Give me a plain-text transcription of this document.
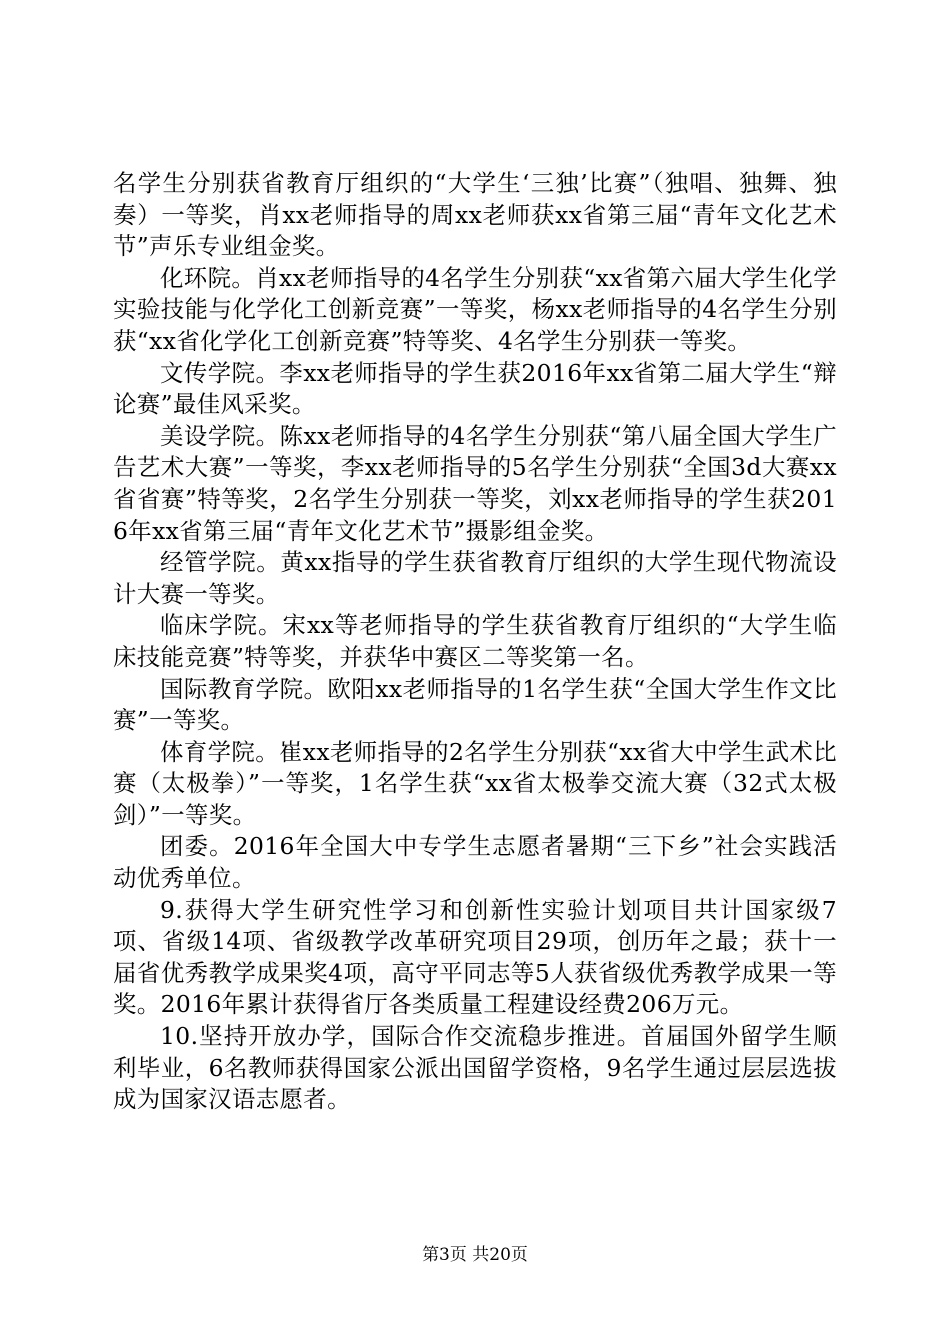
名学生分别获省教育厅组织的“大学生‘三独’比赛”（独唱、独舞、独奏）一等奖，肖xx老师指导的周xx老师获xx省第三届“青年文化艺术节”声乐专业组金奖。

化环院。肖xx老师指导的4名学生分别获“xx省第六届大学生化学实验技能与化学化工创新竞赛”一等奖，杨xx老师指导的4名学生分别获“xx省化学化工创新竞赛”特等奖、4名学生分别获一等奖。

文传学院。李xx老师指导的学生获2016年xx省第二届大学生“辩论赛”最佳风采奖。

美设学院。陈xx老师指导的4名学生分别获“第八届全国大学生广告艺术大赛”一等奖，李xx老师指导的5名学生分别获“全国3d大赛xx省省赛”特等奖，2名学生分别获一等奖，刘xx老师指导的学生获2016年xx省第三届“青年文化艺术节”摄影组金奖。

经管学院。黄xx指导的学生获省教育厅组织的大学生现代物流设计大赛一等奖。

临床学院。宋xx等老师指导的学生获省教育厅组织的“大学生临床技能竞赛”特等奖，并获华中赛区二等奖第一名。

国际教育学院。欧阳xx老师指导的1名学生获“全国大学生作文比赛”一等奖。

体育学院。崔xx老师指导的2名学生分别获“xx省大中学生武术比赛（太极拳）”一等奖，1名学生获“xx省太极拳交流大赛（32式太极剑）”一等奖。

团委。2016年全国大中专学生志愿者暑期“三下乡”社会实践活动优秀单位。

9.获得大学生研究性学习和创新性实验计划项目共计国家级7项、省级14项、省级教学改革研究项目29项，创历年之最；获十一届省优秀教学成果奖4项，高守平同志等5人获省级优秀教学成果一等奖。2016年累计获得省厅各类质量工程建设经费206万元。

10.坚持开放办学，国际合作交流稳步推进。首届国外留学生顺利毕业，6名教师获得国家公派出国留学资格，9名学生通过层层选拔成为国家汉语志愿者。

第3页 共20页
